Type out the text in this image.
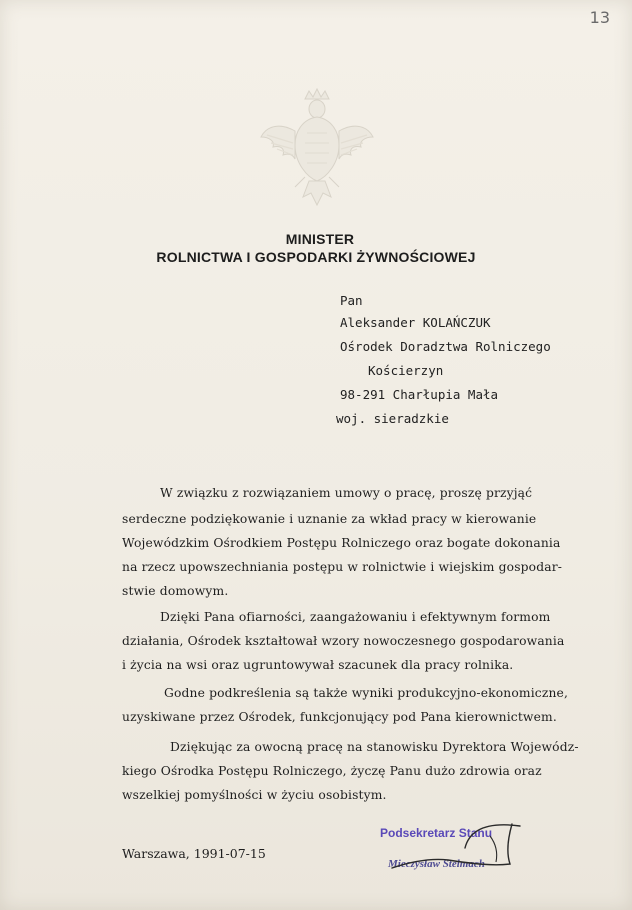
13
MINISTER
ROLNICTWA I GOSPODARKI ŻYWNOŚCIOWEJ
Pan
Aleksander KOLAŃCZUK
Ośrodek Doradztwa Rolniczego
Kościerzyn
98-291 Charłupia Mała
woj. sieradzkie
W związku z rozwiązaniem umowy o pracę, proszę przyjąć
serdeczne podziękowanie i uznanie za wkład pracy w kierowanie
Wojewódzkim Ośrodkiem Postępu Rolniczego oraz bogate dokonania
na rzecz upowszechniania postępu w rolnictwie i wiejskim gospodar-
stwie domowym.
Dzięki Pana ofiarności, zaangażowaniu i efektywnym formom
działania, Ośrodek kształtował wzory nowoczesnego gospodarowania
i życia na wsi oraz ugruntowywał szacunek dla pracy rolnika.
Godne podkreślenia są także wyniki produkcyjno-ekonomiczne,
uzyskiwane przez Ośrodek, funkcjonujący pod Pana kierownictwem.
Dziękując za owocną pracę na stanowisku Dyrektora Wojewódz-
kiego Ośrodka Postępu Rolniczego, życzę Panu dużo zdrowia oraz
wszelkiej pomyślności w życiu osobistym.
Warszawa, 1991-07-15
Podsekretarz Stanu
Mieczysław Stelmach
